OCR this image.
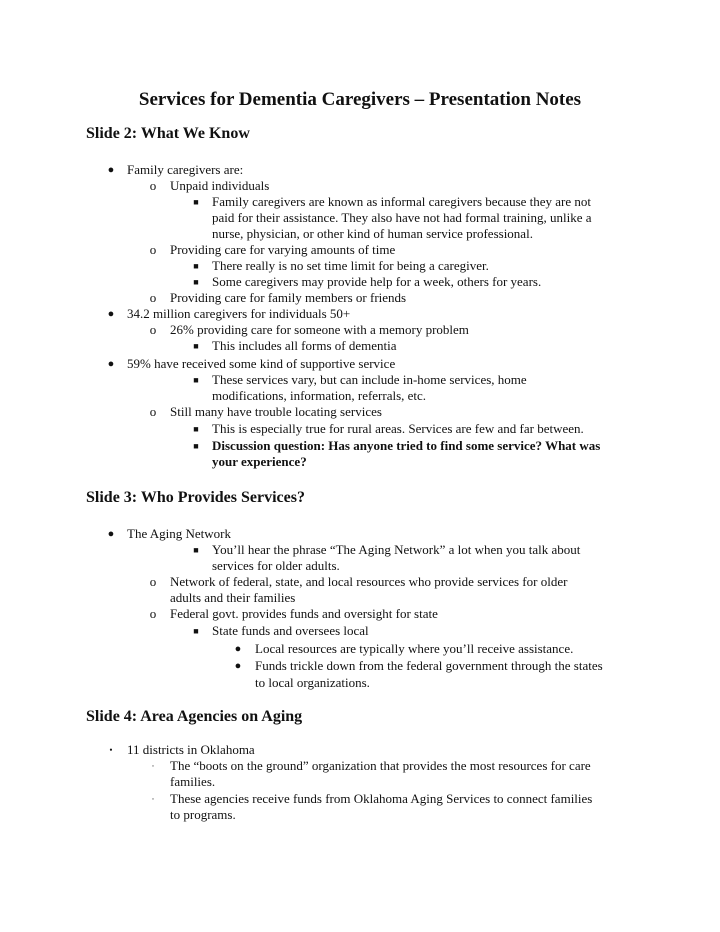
Services for Dementia Caregivers – Presentation Notes
Slide 2: What We Know
● Family caregivers are:
o Unpaid individuals
■	Family caregivers are known as informal caregivers because they are not
paid for their assistance. They also have not had formal training, unlike a
nurse, physician, or other kind of human service professional.
o Providing care for varying amounts of time
■	There really is no set time limit for being a caregiver.
■	Some caregivers may provide help for a week, others for years.
o Providing care for family members or friends
● 34.2 million caregivers for individuals 50+
o 26% providing care for someone with a memory problem
■	This includes all forms of dementia
● 59% have received some kind of supportive service
■	These services vary, but can include in-home services, home
modifications, information, referrals, etc.
o Still many have trouble locating services
■	This is especially true for rural areas. Services are few and far between.
■	Discussion question: Has anyone tried to find some service? What was
your experience?
Slide 3: Who Provides Services?
● The Aging Network
■	You’ll hear the phrase “The Aging Network” a lot when you talk about
services for older adults.
o Network of federal, state, and local resources who provide services for older
adults and their families
o Federal govt. provides funds and oversight for state
■	State funds and oversees local
● Local resources are typically where you’ll receive assistance.
● Funds trickle down from the federal government through the states
to local organizations.
Slide 4: Area Agencies on Aging
•	11 districts in Oklahoma
·	The “boots on the ground” organization that provides the most resources for care
families.
·	These agencies receive funds from Oklahoma Aging Services to connect families
to programs.
